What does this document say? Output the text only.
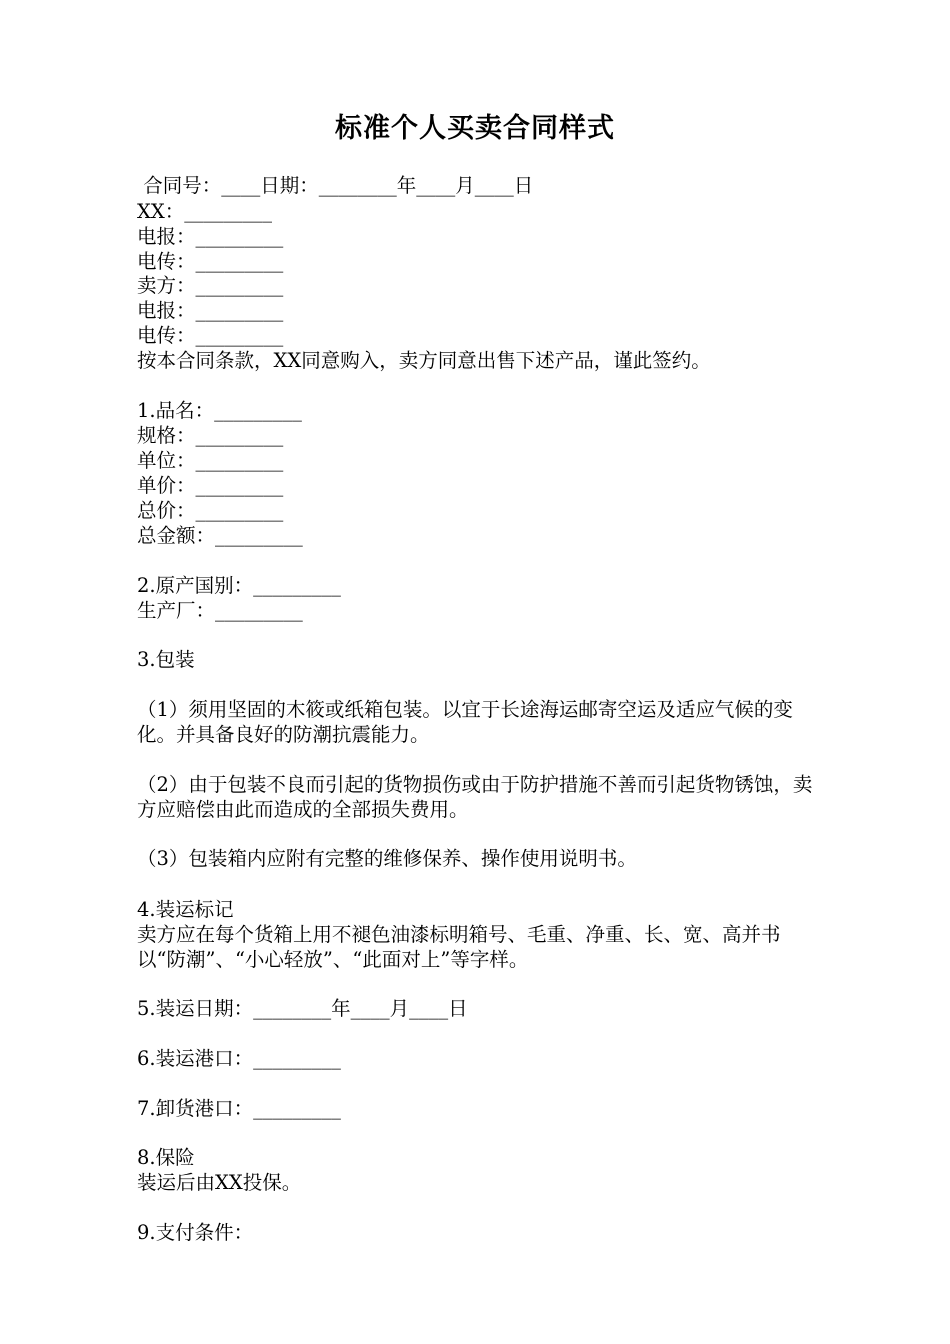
标准个人买卖合同样式
合同号：____日期：________年____月____日
XX：_________
电报：_________
电传：_________
卖方：_________
电报：_________
电传：_________
按本合同条款，XX同意购入，卖方同意出售下述产品，谨此签约。
1.品名：_________
规格：_________
单位：_________
单价：_________
总价：_________
总金额：_________
2.原产国别：_________
生产厂：_________
3.包装
（1）须用坚固的木筱或纸箱包装。以宜于长途海运邮寄空运及适应气候的变化。并具备良好的防潮抗震能力。
（2）由于包装不良而引起的货物损伤或由于防护措施不善而引起货物锈蚀，卖方应赔偿由此而造成的全部损失费用。
（3）包装箱内应附有完整的维修保养、操作使用说明书。
4.装运标记
卖方应在每个货箱上用不褪色油漆标明箱号、毛重、净重、长、宽、高并书以“防潮”、“小心轻放”、“此面对上”等字样。
5.装运日期：________年____月____日
6.装运港口：_________
7.卸货港口：_________
8.保险
装运后由XX投保。
9.支付条件：
